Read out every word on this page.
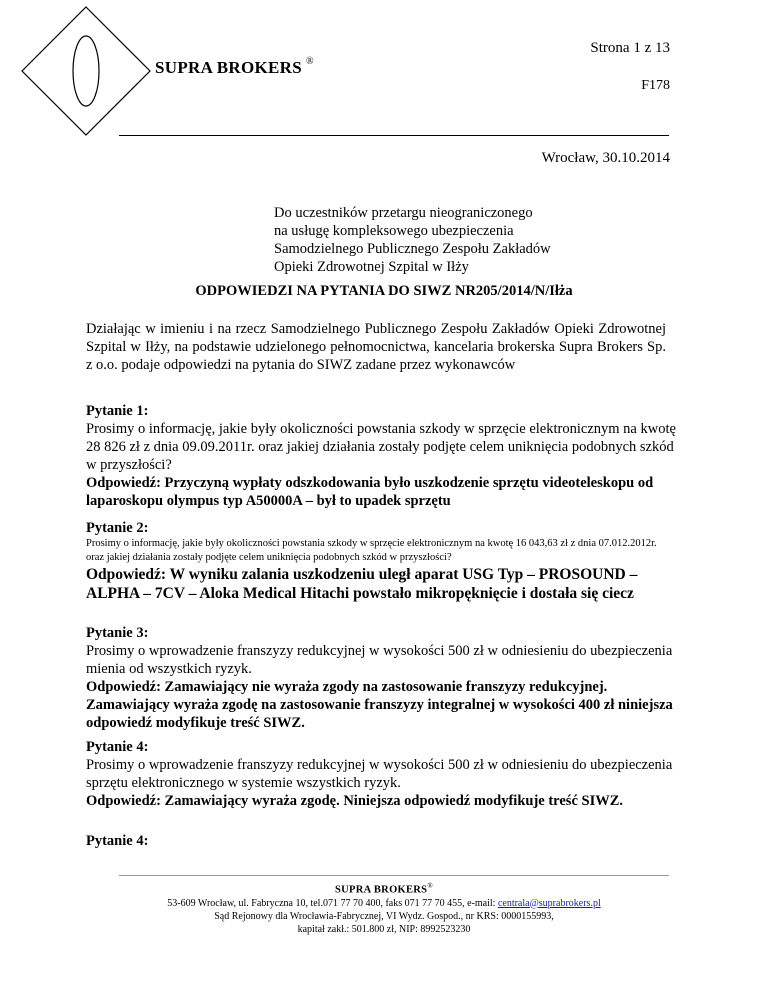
SUPRA BROKERS ®
Strona 1 z 13
F178
Wrocław, 30.10.2014
Do uczestników przetargu nieograniczonego
na usługę kompleksowego ubezpieczenia
Samodzielnego Publicznego Zespołu Zakładów
Opieki Zdrowotnej Szpital w Iłży
ODPOWIEDZI NA PYTANIA DO SIWZ NR205/2014/N/Iłża
Działając w imieniu i na rzecz Samodzielnego Publicznego Zespołu Zakładów Opieki Zdrowotnej Szpital w Iłży, na podstawie udzielonego pełnomocnictwa, kancelaria brokerska Supra Brokers Sp. z o.o. podaje odpowiedzi na pytania do SIWZ zadane przez wykonawców
Pytanie 1:
Prosimy o informację, jakie były okoliczności powstania szkody w sprzęcie elektronicznym na kwotę 28 826 zł z dnia 09.09.2011r. oraz jakiej działania zostały podjęte celem uniknięcia podobnych szkód w przyszłości?
Odpowiedź: Przyczyną wypłaty odszkodowania było uszkodzenie sprzętu videoteleskopu od laparoskopu olympus typ A50000A – był to upadek sprzętu
Pytanie 2:
Prosimy o informację, jakie były okoliczności powstania szkody w sprzęcie elektronicznym na kwotę 16 043,63 zł z dnia 07.012.2012r. oraz jakiej działania zostały podjęte celem uniknięcia podobnych szkód w przyszłości?
Odpowiedź: W wyniku zalania uszkodzeniu uległ aparat USG Typ – PROSOUND – ALPHA – 7CV – Aloka Medical Hitachi powstało mikropęknięcie i dostała się ciecz
Pytanie 3:
Prosimy o wprowadzenie franszyzy redukcyjnej w wysokości 500 zł w odniesieniu do ubezpieczenia mienia od wszystkich ryzyk.
Odpowiedź: Zamawiający nie wyraża zgody na zastosowanie franszyzy redukcyjnej. Zamawiający wyraża zgodę na zastosowanie franszyzy integralnej w wysokości 400 zł niniejsza odpowiedź modyfikuje treść SIWZ.
Pytanie 4:
Prosimy o wprowadzenie franszyzy redukcyjnej w wysokości 500 zł w odniesieniu do ubezpieczenia sprzętu elektronicznego w systemie wszystkich ryzyk.
Odpowiedź: Zamawiający wyraża zgodę. Niniejsza odpowiedź modyfikuje treść SIWZ.
Pytanie 4:
SUPRA BROKERS®
53-609 Wrocław, ul. Fabryczna 10, tel.071 77 70 400, faks 071 77 70 455, e-mail: centrala@suprabrokers.pl
Sąd Rejonowy dla Wrocławia-Fabrycznej, VI Wydz. Gospod., nr KRS: 0000155993,
kapitał zakł.: 501.800 zł, NIP: 8992523230
